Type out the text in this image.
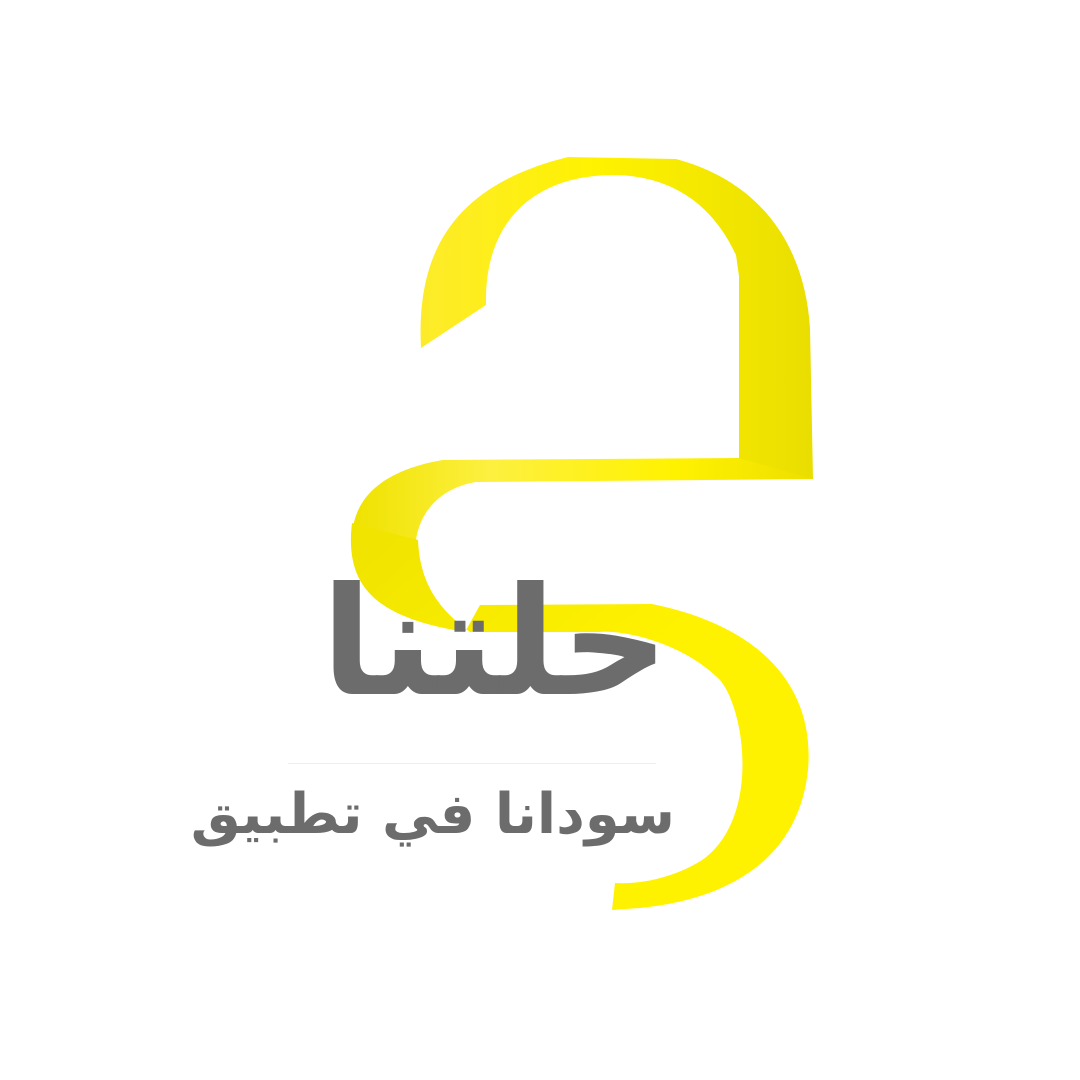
حلتنا
سودانا في تطبيق
